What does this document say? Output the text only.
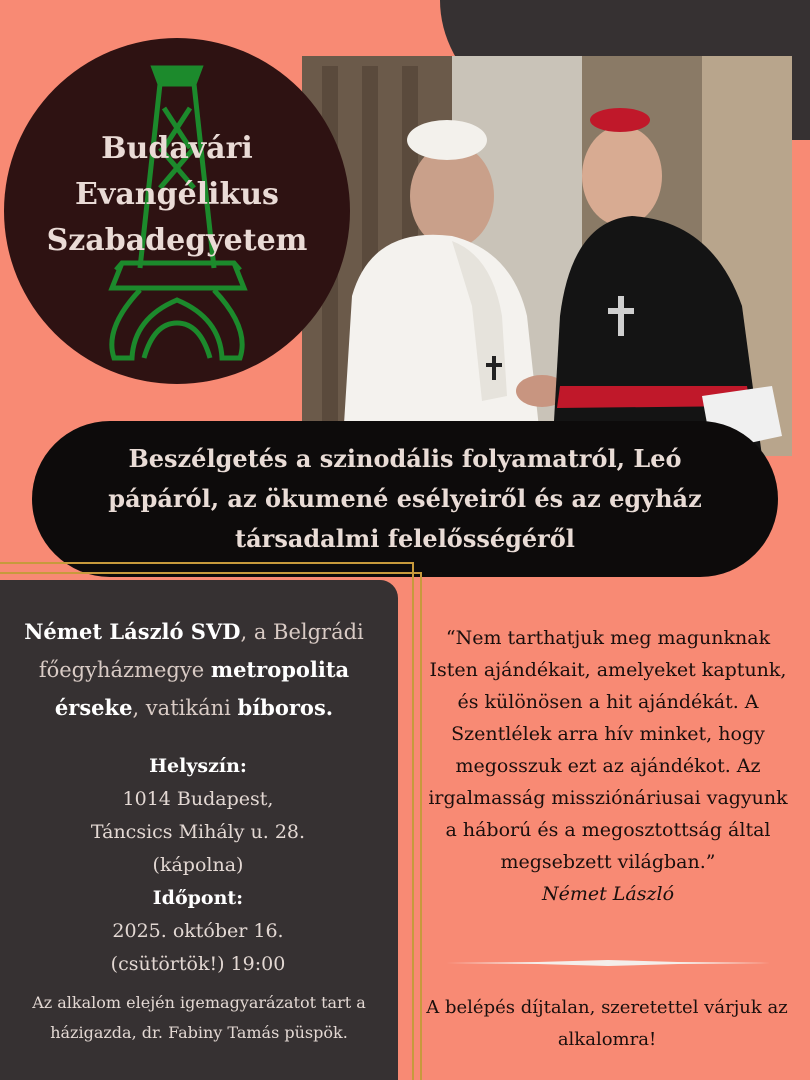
Budavári
Evangélikus
Szabadegyetem
Beszélgetés a szinodális folyamatról, Leó pápáról, az ökumené esélyeiről és az egyház társadalmi felelősségéről
Német László SVD, a Belgrádi főegyházmegye metropolita érseke, vatikáni bíboros.
Helyszín:
1014 Budapest,
Táncsics Mihály u. 28.
(kápolna)
Időpont:
2025. október 16.
(csütörtök!) 19:00
Az alkalom elején igemagyarázatot tart a házigazda, dr. Fabiny Tamás püspök.
“Nem tarthatjuk meg magunknak Isten ajándékait, amelyeket kaptunk, és különösen a hit ajándékát. A Szentlélek arra hív minket, hogy megosszuk ezt az ajándékot. Az irgalmasság missziónáriusai vagyunk a háború és a megosztottság által megsebzett világban.”
Német László
A belépés díjtalan, szeretettel várjuk az alkalomra!
